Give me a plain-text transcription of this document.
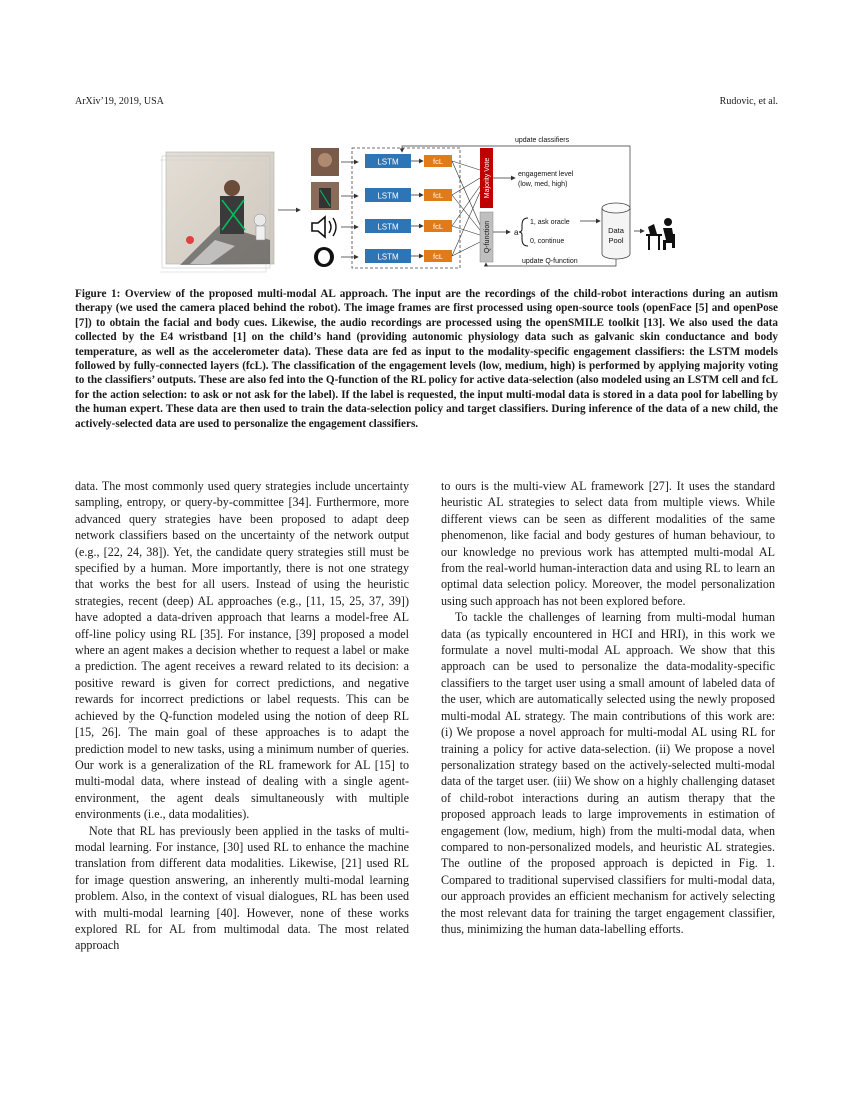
ArXiv’19, 2019, USA	Rudovic, et al.
LSTM
LSTM
LSTM
LSTM
fcL
fcL
fcL
fcL
Majority Vote
Q-function
update classifiers
engagement level
(low, med, high)
a
1, ask oracle
0, continue
Data
Pool
update Q-function

Figure 1: Overview of the proposed multi-modal AL approach. The input are the recordings of the child-robot interactions during an autism therapy (we used the camera placed behind the robot). The image frames are first processed using open-source tools (openFace [5] and openPose [7]) to obtain the facial and body cues. Likewise, the audio recordings are processed using the openSMILE toolkit [13]. We also used the data collected by the E4 wristband [1] on the child’s hand (providing autonomic physiology data such as galvanic skin conductance and body temperature, as well as the accelerometer data). These data are fed as input to the modality-specific engagement classifiers: the LSTM models followed by fully-connected layers (fcL). The classification of the engagement levels (low, medium, high) is performed by applying majority voting to the classifiers’ outputs. These are also fed into the Q-function of the RL policy for active data-selection (also modeled using an LSTM cell and fcL for the action selection: to ask or not ask for the label). If the label is requested, the input multi-modal data is stored in a data pool for labelling by the human expert. These data are then used to train the data-selection policy and target classifiers. During inference of the data of a new child, the actively-selected data are used to personalize the engagement classifiers.

data. The most commonly used query strategies include uncertainty sampling, entropy, or query-by-committee [34]. Furthermore, more advanced query strategies have been proposed to adapt deep network classifiers based on the uncertainty of the network output (e.g., [22, 24, 38]). Yet, the candidate query strategies still must be specified by a human. More importantly, there is not one strategy that works the best for all users. Instead of using the heuristic strategies, recent (deep) AL approaches (e.g., [11, 15, 25, 37, 39]) have adopted a data-driven approach that learns a model-free AL off-line policy using RL [35]. For instance, [39] proposed a model where an agent makes a decision whether to request a label or make a prediction. The agent receives a reward related to its decision: a positive reward is given for correct predictions, and negative rewards for incorrect predictions or label requests. This can be achieved by the Q-function modeled using the notion of deep RL [15, 26]. The main goal of these approaches is to adapt the prediction model to new tasks, using a minimum number of queries. Our work is a generalization of the RL framework for AL [15] to multi-modal data, where instead of dealing with a single agent-environment, the agent deals simultaneously with multiple environments (i.e., data modalities).

Note that RL has previously been applied in the tasks of multi-modal learning. For instance, [30] used RL to enhance the machine translation from different data modalities. Likewise, [21] used RL for image question answering, an inherently multi-modal learning problem. Also, in the context of visual dialogues, RL has been used with multi-modal learning [40]. However, none of these works explored RL for AL from multimodal data. The most related approach

to ours is the multi-view AL framework [27]. It uses the standard heuristic AL strategies to select data from multiple views. While different views can be seen as different modalities of the same phenomenon, like facial and body gestures of human behaviour, to our knowledge no previous work has attempted multi-modal AL from the real-world human-interaction data and using RL to learn an optimal data selection policy. Moreover, the model personalization using such approach has not been explored before.

To tackle the challenges of learning from multi-modal human data (as typically encountered in HCI and HRI), in this work we formulate a novel multi-modal AL approach. We show that this approach can be used to personalize the data-modality-specific classifiers to the target user using a small amount of labeled data of the user, which are automatically selected using the newly proposed multi-modal AL strategy. The main contributions of this work are: (i) We propose a novel approach for multi-modal AL using RL for training a policy for active data-selection. (ii) We propose a novel personalization strategy based on the actively-selected multi-modal data of the target user. (iii) We show on a highly challenging dataset of child-robot interactions during an autism therapy that the proposed approach leads to large improvements in estimation of engagement (low, medium, high) from the multi-modal data, when compared to non-personalized models, and heuristic AL strategies. The outline of the proposed approach is depicted in Fig. 1. Compared to traditional supervised classifiers for multi-modal data, our approach provides an efficient mechanism for actively selecting the most relevant data for training the target engagement classifier, thus, minimizing the human data-labelling efforts.
